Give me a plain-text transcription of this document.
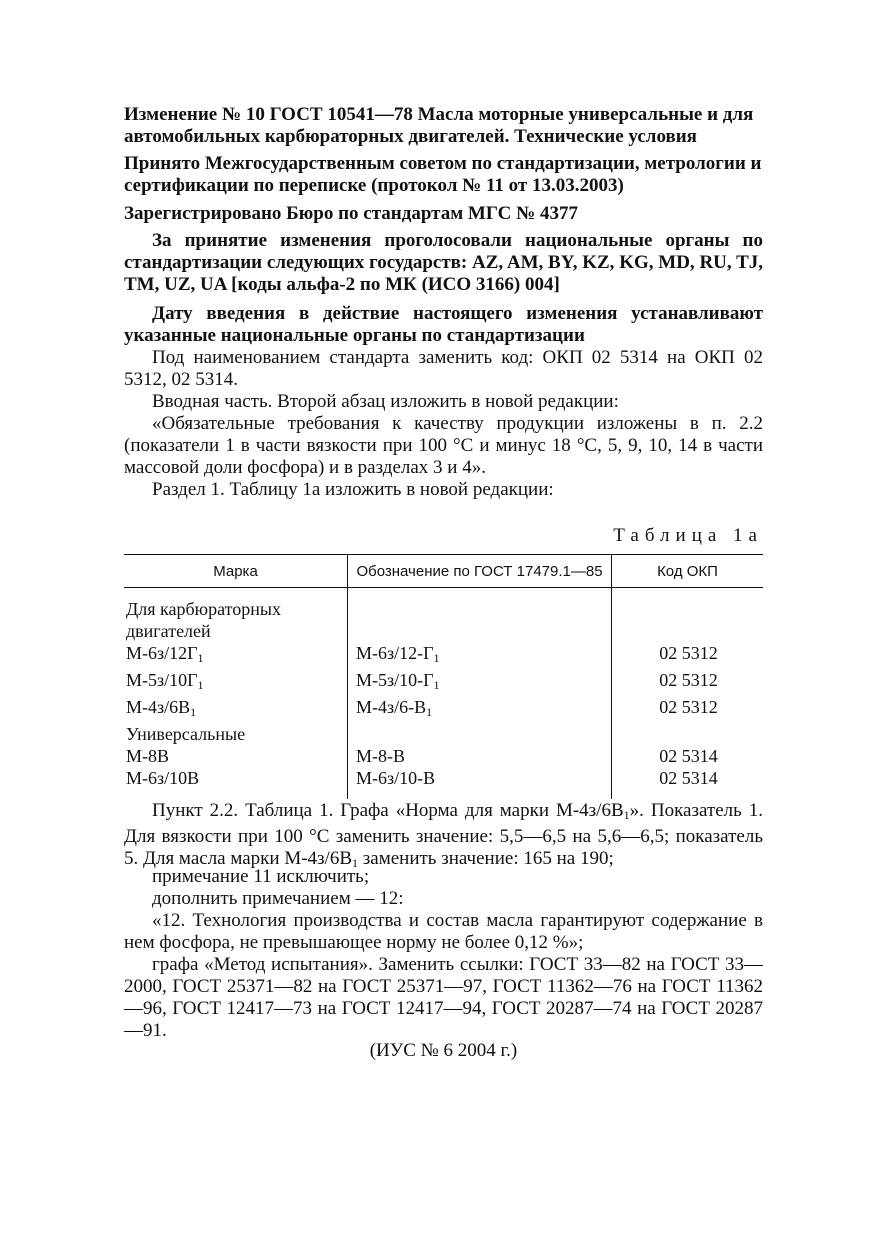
Изменение № 10 ГОСТ 10541—78 Масла моторные универсальные и для
автомобильных карбюраторных двигателей. Технические условия

Принято Межгосударственным советом по стандартизации, метрологии и
сертификации по переписке (протокол № 11 от 13.03.2003)

Зарегистрировано Бюро по стандартам МГС № 4377

За принятие изменения проголосовали национальные органы по стандартизации следующих государств: AZ, AM, BY, KZ, KG, MD, RU, TJ, TM, UZ, UA [коды альфа-2 по МК (ИСО 3166) 004]

Дату введения в действие настоящего изменения устанавливают указанные национальные органы по стандартизации

Под наименованием стандарта заменить код: ОКП 02 5314 на ОКП 02 5312, 02 5314.

Вводная часть. Второй абзац изложить в новой редакции:

«Обязательные требования к качеству продукции изложены в п. 2.2 (показатели 1 в части вязкости при 100 °С и минус 18 °С, 5, 9, 10, 14 в части массовой доли фосфора) и в разделах 3 и 4».

Раздел 1. Таблицу 1а изложить в новой редакции:

Таблица 1а

Марка	Обозначение по ГОСТ 17479.1—85	Код ОКП

Для карбюраторных двигателей		
$М-6з/12Г_1$	$М-6з/12-Г_1$	02 5312
$М-5з/10Г_1$	$М-5з/10-Г_1$	02 5312
$М-4з/6В_1$	$М-4з/6-В_1$	02 5312
Универсальные		
М-8В	М-8-В	02 5314
М-6з/10В	М-6з/10-В	02 5314

Пункт 2.2. Таблица 1. Графа «Норма для марки $М-4з/6В_1$». Показатель 1. Для вязкости при 100 °С заменить значение: 5,5—6,5 на 5,6—6,5; показатель 5. Для масла марки $М-4з/6В_1$ заменить значение: 165 на 190;

примечание 11 исключить;

дополнить примечанием — 12:

«12. Технология производства и состав масла гарантируют содержание в нем фосфора, не превышающее норму не более 0,12 %»;

графа «Метод испытания». Заменить ссылки: ГОСТ 33—82 на ГОСТ 33—2000, ГОСТ 25371—82 на ГОСТ 25371—97, ГОСТ 11362—76 на ГОСТ 11362—96, ГОСТ 12417—73 на ГОСТ 12417—94, ГОСТ 20287—74 на ГОСТ 20287—91.

(ИУС № 6 2004 г.)
